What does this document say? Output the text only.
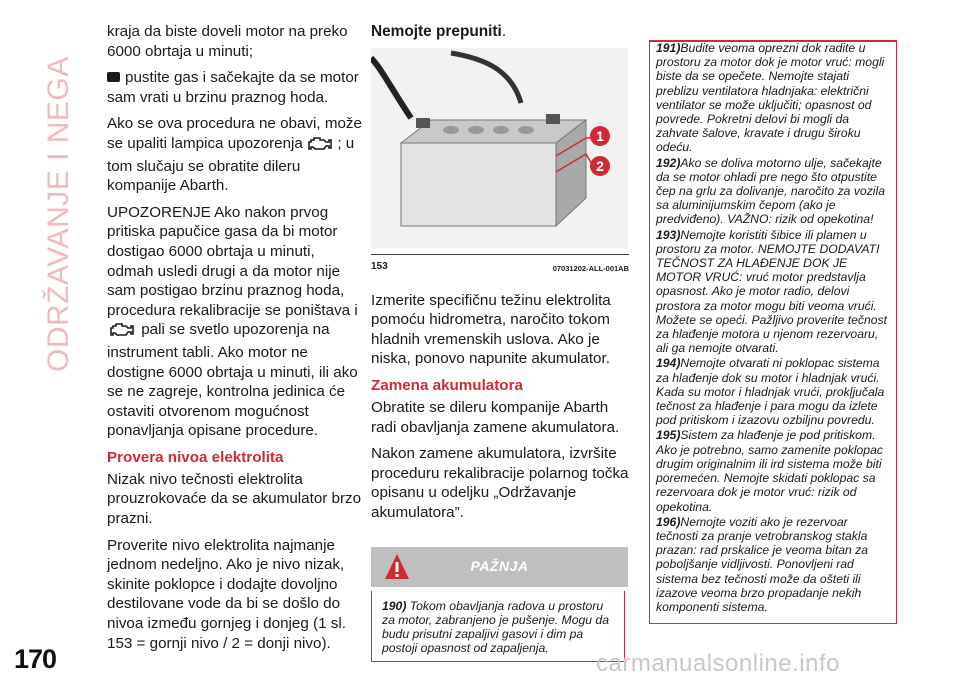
ODRŽAVANJE I NEGA

kraja da biste doveli motor na preko 6000 obrtaja u minuti;

pustite gas i sačekajte da se motor sam vrati u brzinu praznog hoda.

Ako se ova procedura ne obavi, može se upaliti lampica upozorenja ; u tom slučaju se obratite dileru kompanije Abarth.

UPOZORENJE Ako nakon prvog pritiska papučice gasa da bi motor dostigao 6000 obrtaja u minuti, odmah usledi drugi a da motor nije sam postigao brzinu praznog hoda, procedura rekalibracije se poništava i
pali se svetlo upozorenja na instrument tabli. Ako motor ne dostigne 6000 obrtaja u minuti, ili ako se ne zagreje, kontrolna jedinica će ostaviti otvorenom mogućnost ponavljanja opisane procedure.

Provera nivoa elektrolita

Nizak nivo tečnosti elektrolita prouzrokovaće da se akumulator brzo prazni.

Proverite nivo elektrolita najmanje jednom nedeljno. Ako je nivo nizak, skinite poklopce i dodajte dovoljno destilovane vode da bi se došlo do nivoa između gornjeg i donjeg (1 sl. 153 = gornji nivo / 2 = donji nivo).

Nemojte prepuniti.
1
2
153	07031202-ALL-001AB

Izmerite specifičnu težinu elektrolita pomoću hidrometra, naročito tokom hladnih vremenskih uslova. Ako je niska, ponovo napunite akumulator.

Zamena akumulatora

Obratite se dileru kompanije Abarth radi obavljanja zamene akumulatora.

Nakon zamene akumulatora, izvršite proceduru rekalibracije polarnog točka opisanu u odeljku „Održavanje akumulatora”.

PAŽNJA
190) Tokom obavljanja radova u prostoru za motor, zabranjeno je pušenje. Mogu da budu prisutni zapaljivi gasovi i dim pa postoji opasnost od zapaljenja.

191)Budite veoma oprezni dok radite u prostoru za motor dok je motor vruć: mogli biste da se opečete. Nemojte stajati preblizu ventilatora hladnjaka: električni ventilator se može uključiti; opasnost od povrede. Pokretni delovi bi mogli da zahvate šalove, kravate i drugu široku odeću.

192)Ako se doliva motorno ulje, sačekajte da se motor ohladi pre nego što otpustite čep na grlu za dolivanje, naročito za vozila sa aluminijumskim čepom (ako je predviđeno). VAŽNO: rizik od opekotina!

193)Nemojte koristiti šibice ili plamen u prostoru za motor. NEMOJTE DODAVATI TEČNOST ZA HLAĐENJE DOK JE MOTOR VRUĆ: vruć motor predstavlja opasnost. Ako je motor radio, delovi prostora za motor mogu biti veoma vrući. Možete se opeći. Pažljivo proverite tečnost za hlađenje motora u njenom rezervoaru, ali ga nemojte otvarati.

194)Nemojte otvarati ni poklopac sistema za hlađenje dok su motor i hladnjak vrući. Kada su motor i hladnjak vrući, prokļjučala tečnost za hlađenje i para mogu da izlete pod pritiskom i izazovu ozbiljnu povredu.

195)Sistem za hlađenje je pod pritiskom. Ako je potrebno, samo zamenite poklopac drugim originalnim ili ird sistema može biti poremećen. Nemojte skidati poklopac sa rezervoara dok je motor vruć: rizik od opekotina.

196)Nemojte voziti ako je rezervoar tečnosti za pranje vetrobranskog stakla prazan: rad prskalice je veoma bitan za poboljšanje vidljivosti. Ponovljeni rad sistema bez tečnosti može da ošteti ili izazove veoma brzo propadanje nekih komponenti sistema.

170	carmanualsonline.info
